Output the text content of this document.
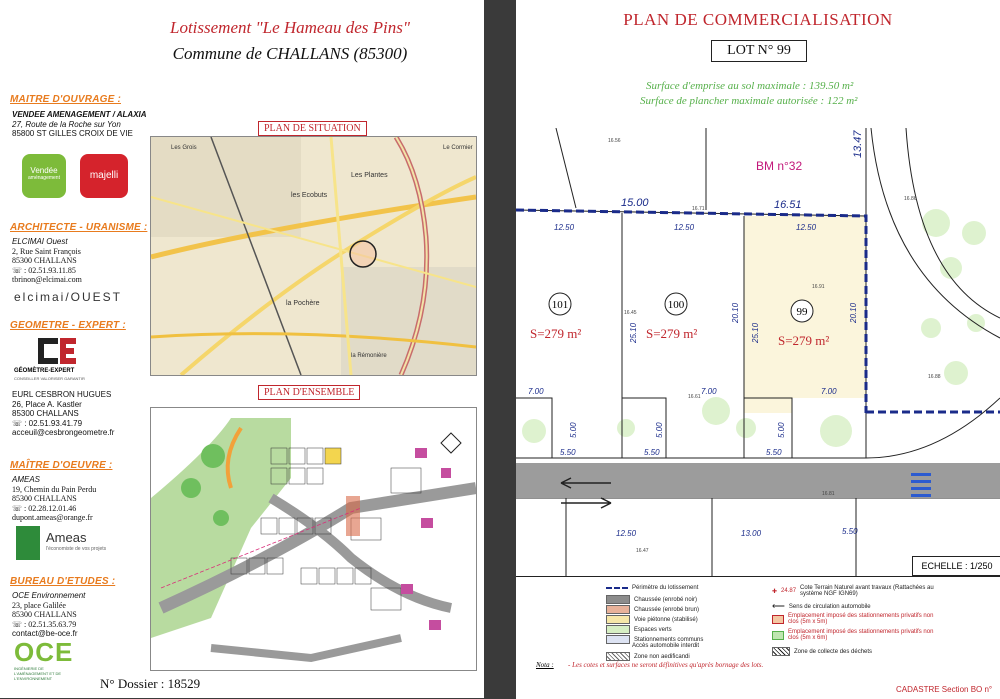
Lotissement "Le Hameau des Pins"
Commune de CHALLANS (85300)
MAITRE D'OUVRAGE :
VENDEE AMENAGEMENT / ALAXIA
27, Route de la Roche sur Yon
85800 ST GILLES CROIX DE VIE
Vendée
aménagement	majelli
ARCHITECTE - URANISME :
ELCIMAI Ouest
2, Rue Saint François
85300 CHALLANS
☏ : 02.51.93.11.85
tbrinon@elcimai.com
elcimai/OUEST
GEOMETRE - EXPERT :
GÉOMÈTRE-EXPERT
CONSEILLER VALORISER GARANTIR
EURL CESBRON HUGUES
26, Place A. Kastler
85300 CHALLANS
☏ : 02.51.93.41.79
acceuil@cesbrongeometre.fr
MAÎTRE D'OEUVRE :
AMEAS
19, Chemin du Pain Perdu
85300 CHALLANS
☏ : 02.28.12.01.46
dupont.ameas@orange.fr
Ameas
l'économiste de vos projets
BUREAU D'ETUDES :
OCE Environnement
23, place Galilée
85300 CHALLANS
☏ : 02.51.35.63.79
contact@be-oce.fr
OCE
INGÉNIERIE DE L'AMÉNAGEMENT ET DE L'ENVIRONNEMENT
Les Plantes
les Ecobuts
la Pochère
Le Cormier
la Rémonière
Les Grois
PLAN DE SITUATION
PLAN D'ENSEMBLE
N° Dossier : 18529
PLAN DE COMMERCIALISATION
LOT N° 99
Surface d'emprise au sol maximale : 139.50 m²
Surface de plancher maximale autorisée : 122 m²
15.00	16.51
13.47
12.50	12.50	12.50
25.10	25.10
20.10	20.10
7.00	7.00	7.00
5.00	5.00	5.00
5.50	5.50	5.50
12.50	13.00	5.50
16.56
16.71
16.45
16.91
16.61
16.81
16.47
16.86
16.88
BM n°32
101	100
99
S=279 m²	S=279 m²	S=279 m²
ECHELLE : 1/250
Périmètre du lotissement
Chaussée (enrobé noir)
Chaussée (enrobé brun)
Voie piétonne (stabilisé)
Espaces verts
Stationnements communs
Accès automobile interdit
Zone non aedificandi
✚ 24.87 Cote Terrain Naturel avant travaux (Rattachées au système NGF IGN69)
⟵ Sens de circulation automobile
Emplacement imposé des stationnements privatifs non clos (5m x 5m)
Emplacement imposé des stationnements privatifs non clos (5m x 6m)
Zone de collecte des déchets
Nota : - Les cotes et surfaces ne seront définitives qu'après bornage des lots.
CADASTRE Section BO n°
